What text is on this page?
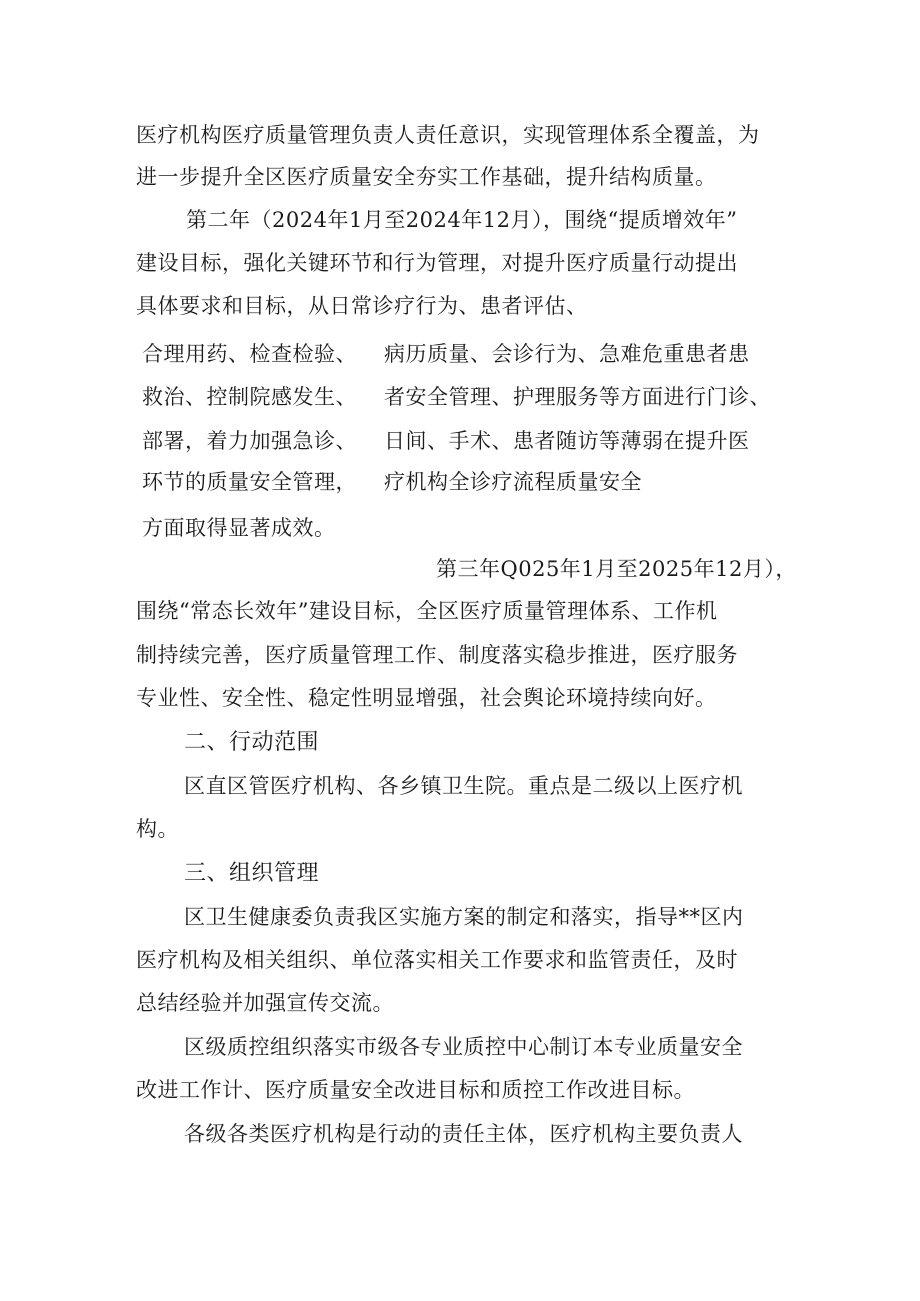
医疗机构医疗质量管理负责人责任意识，实现管理体系全覆盖，为
进一步提升全区医疗质量安全夯实工作基础，提升结构质量。
第二年（2024年1月至2024年12月），围绕“提质增效年”
建设目标，强化关键环节和行为管理，对提升医疗质量行动提出
具体要求和目标，从日常诊疗行为、患者评估、
合理用药、检查检验、
救治、控制院感发生、
部署，着力加强急诊、
环节的质量安全管理，
方面取得显著成效。
病历质量、会诊行为、急难危重患者患
者安全管理、护理服务等方面进行门诊、
日间、手术、患者随访等薄弱在提升医
疗机构全诊疗流程质量安全
第三年Q025年1月至2025年12月），
围绕“常态长效年”建设目标，全区医疗质量管理体系、工作机
制持续完善，医疗质量管理工作、制度落实稳步推进，医疗服务
专业性、安全性、稳定性明显增强，社会舆论环境持续向好。
二、行动范围
区直区管医疗机构、各乡镇卫生院。重点是二级以上医疗机
构。
三、组织管理
区卫生健康委负责我区实施方案的制定和落实，指导**区内
医疗机构及相关组织、单位落实相关工作要求和监管责任，及时
总结经验并加强宣传交流。
区级质控组织落实市级各专业质控中心制订本专业质量安全
改进工作计、医疗质量安全改进目标和质控工作改进目标。
各级各类医疗机构是行动的责任主体，医疗机构主要负责人
